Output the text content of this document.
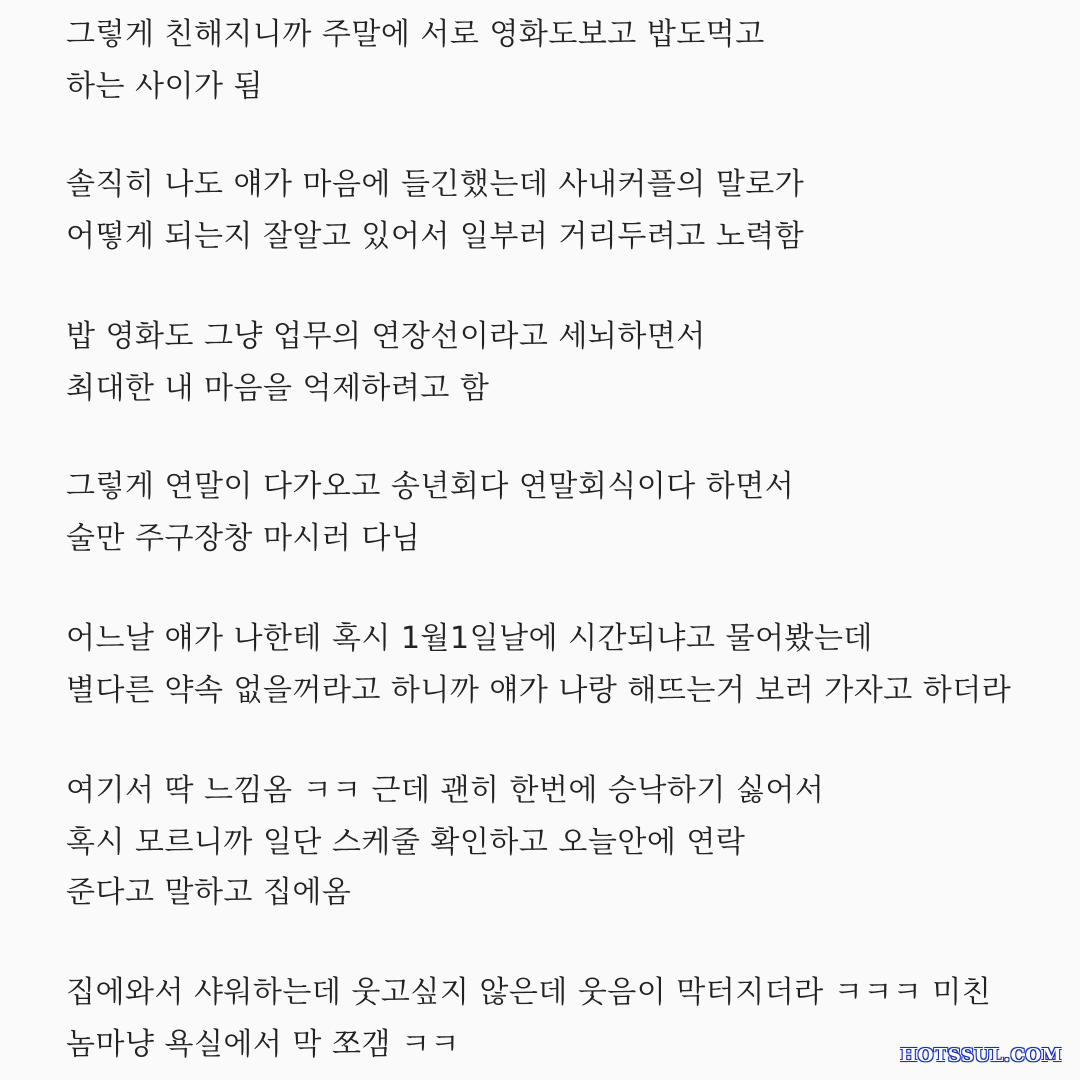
그렇게 친해지니까 주말에 서로 영화도보고 밥도먹고
하는 사이가 됨
솔직히 나도 얘가 마음에 들긴했는데 사내커플의 말로가
어떻게 되는지 잘알고 있어서 일부러 거리두려고 노력함
밥 영화도 그냥 업무의 연장선이라고 세뇌하면서
최대한 내 마음을 억제하려고 함
그렇게 연말이 다가오고 송년회다 연말회식이다 하면서
술만 주구장창 마시러 다님
어느날 얘가 나한테 혹시 1월1일날에 시간되냐고 물어봤는데
별다른 약속 없을꺼라고 하니까 얘가 나랑 해뜨는거 보러 가자고 하더라
여기서 딱 느낌옴 ㅋㅋ 근데 괜히 한번에 승낙하기 싫어서
혹시 모르니까 일단 스케줄 확인하고 오늘안에 연락
준다고 말하고 집에옴
집에와서 샤워하는데 웃고싶지 않은데 웃음이 막터지더라 ㅋㅋㅋ 미친
놈마냥 욕실에서 막 쪼갬 ㅋㅋ	HOTSSUL.COM
